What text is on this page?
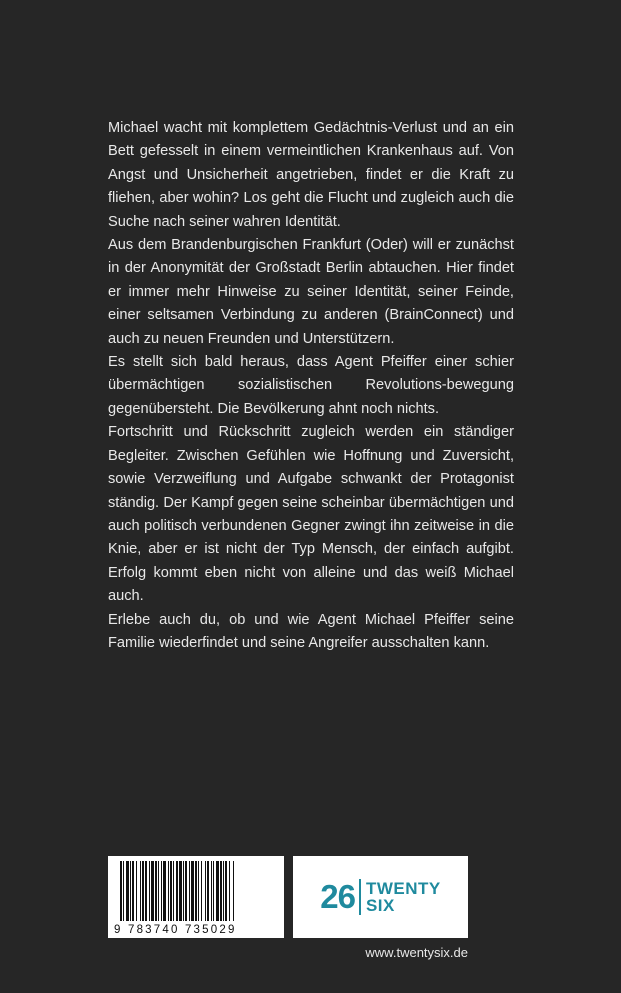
Michael wacht mit komplettem Gedächtnis-Verlust und an ein Bett gefesselt in einem vermeintlichen Krankenhaus auf. Von Angst und Unsicherheit angetrieben, findet er die Kraft zu fliehen, aber wohin? Los geht die Flucht und zugleich auch die Suche nach seiner wahren Identität.

Aus dem Brandenburgischen Frankfurt (Oder) will er zunächst in der Anonymität der Großstadt Berlin abtauchen. Hier findet er immer mehr Hinweise zu seiner Identität, seiner Feinde, einer seltsamen Verbindung zu anderen (BrainConnect) und auch zu neuen Freunden und Unterstützern.

Es stellt sich bald heraus, dass Agent Pfeiffer einer schier übermächtigen sozialistischen Revolutions-bewegung gegenübersteht. Die Bevölkerung ahnt noch nichts.

Fortschritt und Rückschritt zugleich werden ein ständiger Begleiter. Zwischen Gefühlen wie Hoffnung und Zuversicht, sowie Verzweiflung und Aufgabe schwankt der Protagonist ständig. Der Kampf gegen seine scheinbar übermächtigen und auch politisch verbundenen Gegner zwingt ihn zeitweise in die Knie, aber er ist nicht der Typ Mensch, der einfach aufgibt. Erfolg kommt eben nicht von alleine und das weiß Michael auch.

Erlebe auch du, ob und wie Agent Michael Pfeiffer seine Familie wiederfindet und seine Angreifer ausschalten kann.

9 783740 735029
26 TWENTY
SIX
www.twentysix.de
